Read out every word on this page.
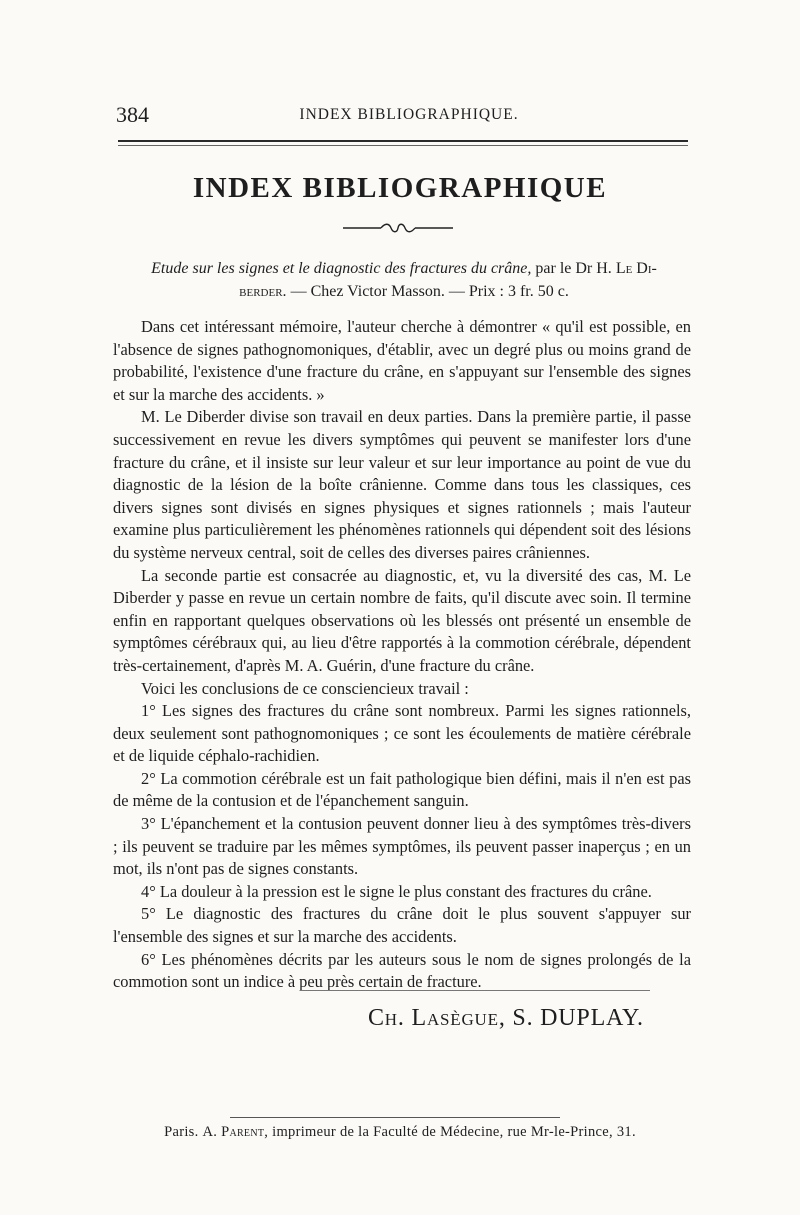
384	INDEX BIBLIOGRAPHIQUE.
INDEX BIBLIOGRAPHIQUE
Etude sur les signes et le diagnostic des fractures du crâne, par le Dr H. Le Di-
berder. — Chez Victor Masson. — Prix : 3 fr. 50 c.

Dans cet intéressant mémoire, l'auteur cherche à démontrer « qu'il est possible, en l'absence de signes pathognomoniques, d'établir, avec un degré plus ou moins grand de probabilité, l'existence d'une fracture du crâne, en s'appuyant sur l'ensemble des signes et sur la marche des accidents. »

M. Le Diberder divise son travail en deux parties. Dans la première partie, il passe successivement en revue les divers symptômes qui peuvent se manifester lors d'une fracture du crâne, et il insiste sur leur valeur et sur leur importance au point de vue du diagnostic de la lésion de la boîte crânienne. Comme dans tous les classiques, ces divers signes sont divisés en signes physiques et signes rationnels ; mais l'auteur examine plus particulièrement les phénomènes rationnels qui dépendent soit des lésions du système nerveux central, soit de celles des diverses paires crâniennes.

La seconde partie est consacrée au diagnostic, et, vu la diversité des cas, M. Le Diberder y passe en revue un certain nombre de faits, qu'il discute avec soin. Il termine enfin en rapportant quelques observations où les blessés ont présenté un ensemble de symptômes cérébraux qui, au lieu d'être rapportés à la commotion cérébrale, dépendent très-certainement, d'après M. A. Guérin, d'une fracture du crâne.

Voici les conclusions de ce consciencieux travail :

1° Les signes des fractures du crâne sont nombreux. Parmi les signes rationnels, deux seulement sont pathognomoniques ; ce sont les écoulements de matière cérébrale et de liquide céphalo-rachidien.

2° La commotion cérébrale est un fait pathologique bien défini, mais il n'en est pas de même de la contusion et de l'épanchement sanguin.

3° L'épanchement et la contusion peuvent donner lieu à des symptômes très-divers ; ils peuvent se traduire par les mêmes symptômes, ils peuvent passer inaperçus ; en un mot, ils n'ont pas de signes constants.

4° La douleur à la pression est le signe le plus constant des fractures du crâne.

5° Le diagnostic des fractures du crâne doit le plus souvent s'appuyer sur l'ensemble des signes et sur la marche des accidents.

6° Les phénomènes décrits par les auteurs sous le nom de signes prolongés de la commotion sont un indice à peu près certain de fracture.

Ch. Lasègue, S. DUPLAY.
Paris. A. Parent, imprimeur de la Faculté de Médecine, rue Mr-le-Prince, 31.
